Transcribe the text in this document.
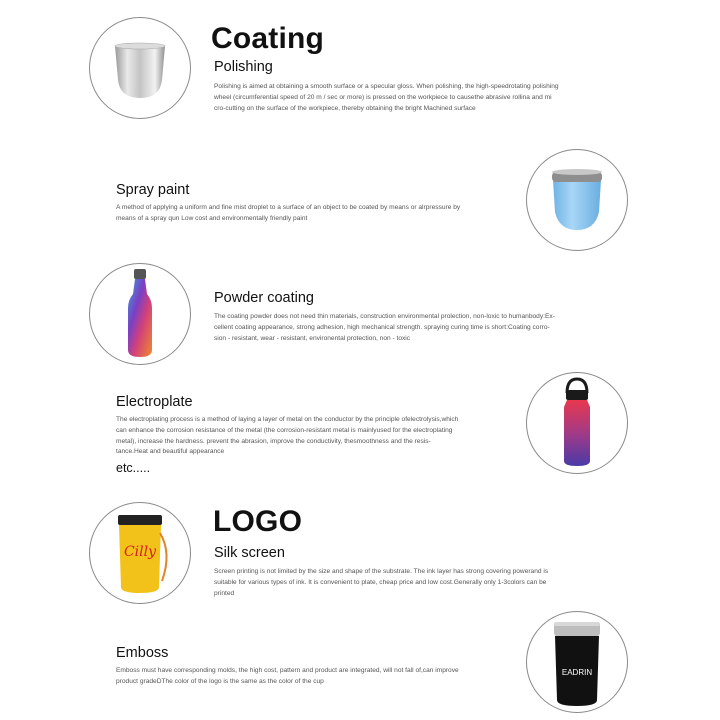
Coating
Polishing
Polishing is aimed at obtaining a smooth surface or a specular gloss. When polishing, the high-speedrotating polishing
wheel (circumferential speed of 20 m / sec or more) is pressed on the workpiece to causethe abrasive rollina and mi
cro-cutting on the surface of the workpiece, thereby obtaining the bright Machined surface
Spray paint
A method of applying a uniform and fine mist droplet to a surface of an object to be coated by means or alrpressure by
means of a spray qun Low cost and environmentally friendly paint
Powder coating
The coating powder does not need thin materials, construction environmental prolection, non-loxic to humanbody:Ex-
cellent coating appearance, strong adhesion, high mechanical strength. spraying curing time is short:Coating corro-
sion - resistant, wear - resistant, environental protection, non - toxic
Electroplate
The electroplating process is a method of laying a layer of metal on the conductor by the principle ofelectrolysis,which
can enhance the corrosion resistance of the metal (the corrosion-resistant metal is mainlyused for the electroplating
metal), increase the hardness. prevent the abrasion, improve the conductivity, thesmoothness and the resis-
tance.Heat and beautiful appearance
etc.....
Cilly
LOGO
Silk screen
Screen printing is not limited by the size and shape of the substrate. The ink layer has strong covering powerand is
suitable for various types of ink. It is convenient to plate, cheap price and low cost.Generally only 1-3colors can be
printed
Emboss
Emboss must have corresponding molds, the high cost, pattern and product are integrated, will not fall of,can improve
product gradeDThe color of the logo is the same as the color of the cup
EADRIN
